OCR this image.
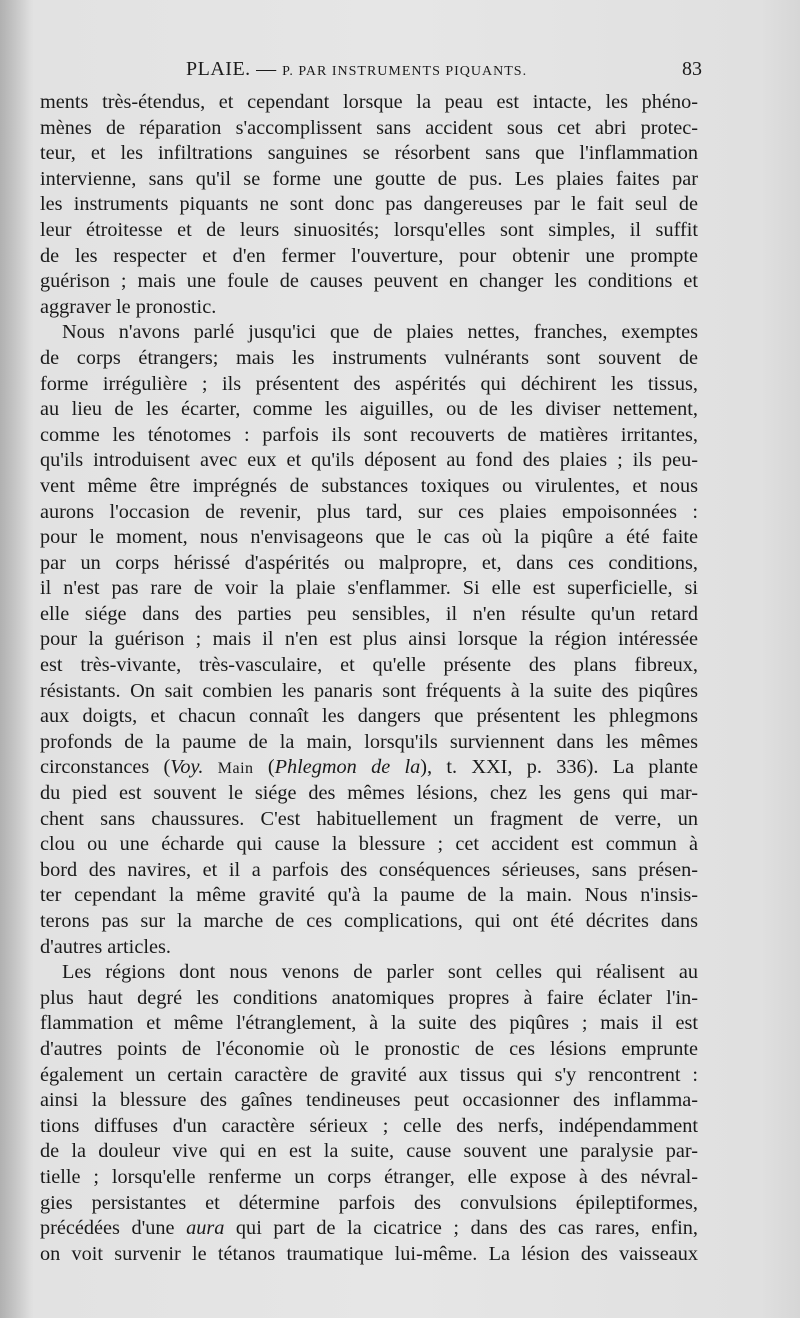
PLAIE. — P. PAR INSTRUMENTS PIQUANTS.	83
ments très-étendus, et cependant lorsque la peau est intacte, les phéno-
mènes de réparation s'accomplissent sans accident sous cet abri protec-
teur, et les infiltrations sanguines se résorbent sans que l'inflammation
intervienne, sans qu'il se forme une goutte de pus. Les plaies faites par
les instruments piquants ne sont donc pas dangereuses par le fait seul de
leur étroitesse et de leurs sinuosités; lorsqu'elles sont simples, il suffit
de les respecter et d'en fermer l'ouverture, pour obtenir une prompte
guérison ; mais une foule de causes peuvent en changer les conditions et
aggraver le pronostic.
Nous n'avons parlé jusqu'ici que de plaies nettes, franches, exemptes
de corps étrangers; mais les instruments vulnérants sont souvent de
forme irrégulière ; ils présentent des aspérités qui déchirent les tissus,
au lieu de les écarter, comme les aiguilles, ou de les diviser nettement,
comme les ténotomes : parfois ils sont recouverts de matières irritantes,
qu'ils introduisent avec eux et qu'ils déposent au fond des plaies ; ils peu-
vent même être imprégnés de substances toxiques ou virulentes, et nous
aurons l'occasion de revenir, plus tard, sur ces plaies empoisonnées :
pour le moment, nous n'envisageons que le cas où la piqûre a été faite
par un corps hérissé d'aspérités ou malpropre, et, dans ces conditions,
il n'est pas rare de voir la plaie s'enflammer. Si elle est superficielle, si
elle siége dans des parties peu sensibles, il n'en résulte qu'un retard
pour la guérison ; mais il n'en est plus ainsi lorsque la région intéressée
est très-vivante, très-vasculaire, et qu'elle présente des plans fibreux,
résistants. On sait combien les panaris sont fréquents à la suite des piqûres
aux doigts, et chacun connaît les dangers que présentent les phlegmons
profonds de la paume de la main, lorsqu'ils surviennent dans les mêmes
circonstances (Voy. Main (Phlegmon de la), t. XXI, p. 336). La plante
du pied est souvent le siége des mêmes lésions, chez les gens qui mar-
chent sans chaussures. C'est habituellement un fragment de verre, un
clou ou une écharde qui cause la blessure ; cet accident est commun à
bord des navires, et il a parfois des conséquences sérieuses, sans présen-
ter cependant la même gravité qu'à la paume de la main. Nous n'insis-
terons pas sur la marche de ces complications, qui ont été décrites dans
d'autres articles.
Les régions dont nous venons de parler sont celles qui réalisent au
plus haut degré les conditions anatomiques propres à faire éclater l'in-
flammation et même l'étranglement, à la suite des piqûres ; mais il est
d'autres points de l'économie où le pronostic de ces lésions emprunte
également un certain caractère de gravité aux tissus qui s'y rencontrent :
ainsi la blessure des gaînes tendineuses peut occasionner des inflamma-
tions diffuses d'un caractère sérieux ; celle des nerfs, indépendamment
de la douleur vive qui en est la suite, cause souvent une paralysie par-
tielle ; lorsqu'elle renferme un corps étranger, elle expose à des névral-
gies persistantes et détermine parfois des convulsions épileptiformes,
précédées d'une aura qui part de la cicatrice ; dans des cas rares, enfin,
on voit survenir le tétanos traumatique lui-même. La lésion des vaisseaux
